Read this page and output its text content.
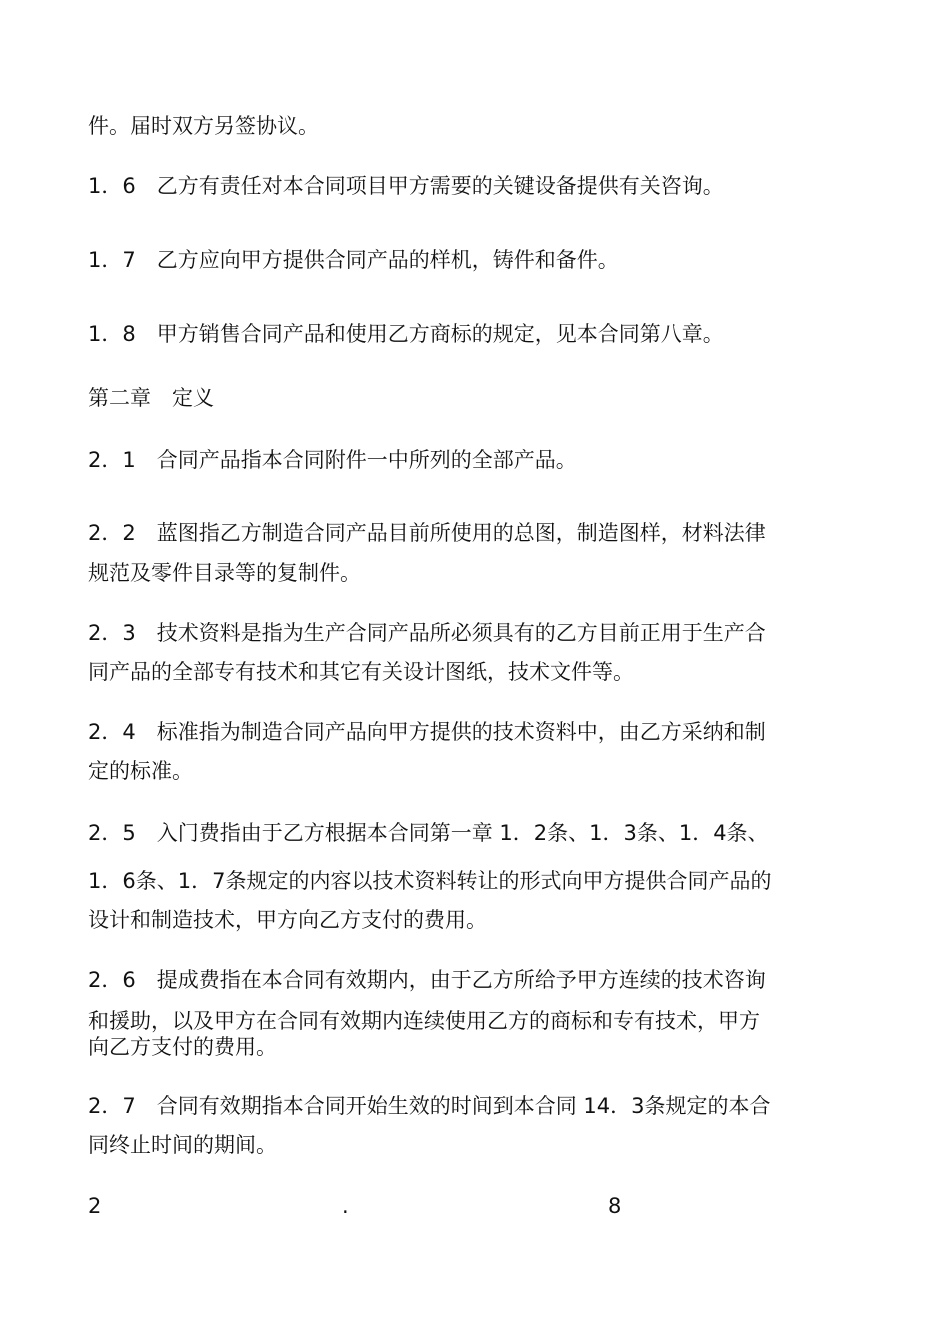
件。届时双方另签协议。
1．6　乙方有责任对本合同项目甲方需要的关键设备提供有关咨询。
1．7　乙方应向甲方提供合同产品的样机，铸件和备件。
1．8　甲方销售合同产品和使用乙方商标的规定，见本合同第八章。
第二章　定义
2．1　合同产品指本合同附件一中所列的全部产品。
2．2　蓝图指乙方制造合同产品目前所使用的总图，制造图样，材料法律
规范及零件目录等的复制件。
2．3　技术资料是指为生产合同产品所必须具有的乙方目前正用于生产合
同产品的全部专有技术和其它有关设计图纸，技术文件等。
2．4　标准指为制造合同产品向甲方提供的技术资料中，由乙方采纳和制
定的标准。
2．5　入门费指由于乙方根据本合同第一章 1．2条、1．3条、1．4条、
1．6条、1．7条规定的内容以技术资料转让的形式向甲方提供合同产品的
设计和制造技术，甲方向乙方支付的费用。
2．6　提成费指在本合同有效期内，由于乙方所给予甲方连续的技术咨询
和援助，以及甲方在合同有效期内连续使用乙方的商标和专有技术，甲方
向乙方支付的费用。
2．7　合同有效期指本合同开始生效的时间到本合同 14．3条规定的本合
同终止时间的期间。
2	.	8
